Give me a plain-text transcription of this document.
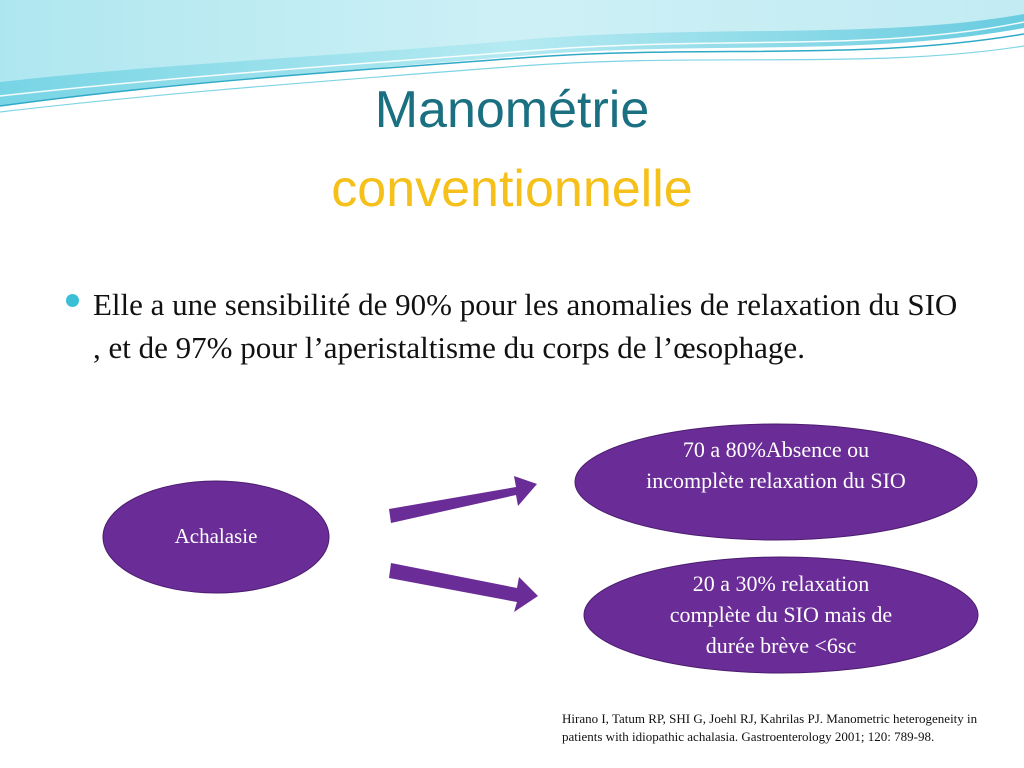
Manométrie
conventionnelle

Elle a une sensibilité de 90% pour les anomalies de relaxation du SIO , et de 97% pour l’aperistaltisme du corps de l’œsophage.

Achalasie
70 a 80%Absence ou incomplète relaxation du SIO
20 a 30% relaxation complète du SIO mais de durée brève <6sc

Hirano I, Tatum RP, SHI G, Joehl RJ, Kahrilas PJ. Manometric heterogeneity in patients with idiopathic achalasia. Gastroenterology 2001; 120: 789-98.
